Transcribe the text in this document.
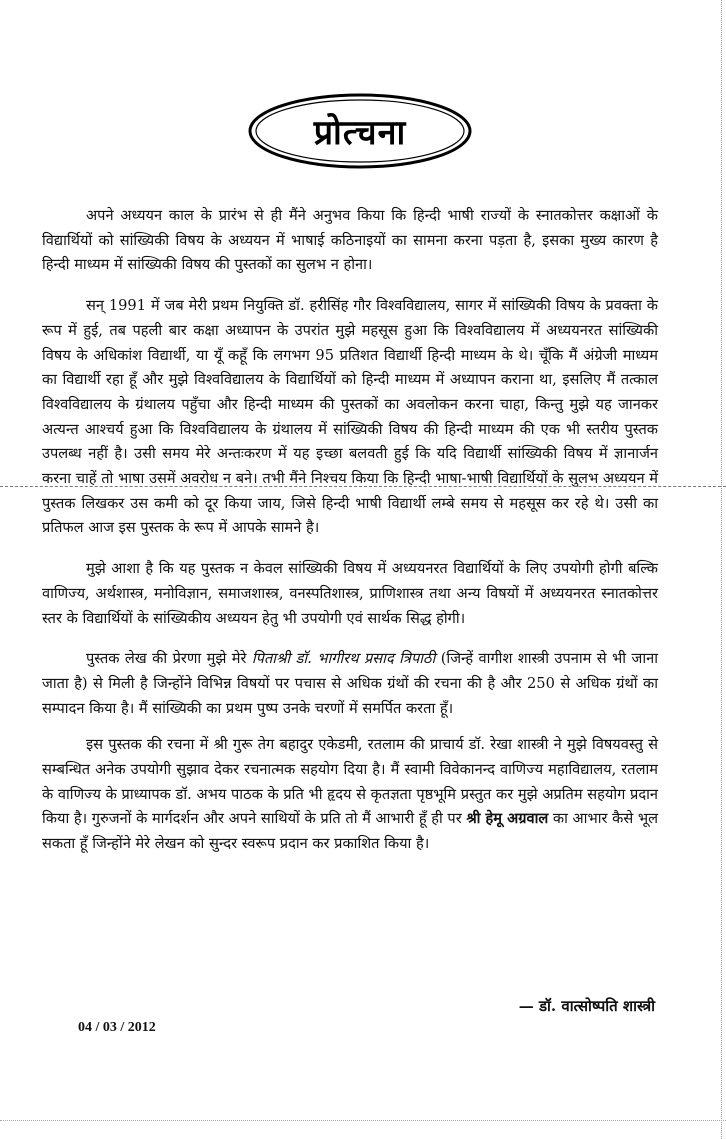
प्रोत्चना

अपने अध्ययन काल के प्रारंभ से ही मैंने अनुभव किया कि हिन्दी भाषी राज्यों के स्नातकोत्तर कक्षाओं के विद्यार्थियों को सांख्यिकी विषय के अध्ययन में भाषाई कठिनाइयों का सामना करना पड़ता है, इसका मुख्य कारण है हिन्दी माध्यम में सांख्यिकी विषय की पुस्तकों का सुलभ न होना।

सन् 1991 में जब मेरी प्रथम नियुक्ति डॉ. हरीसिंह गौर विश्वविद्यालय, सागर में सांख्यिकी विषय के प्रवक्ता के रूप में हुई, तब पहली बार कक्षा अध्यापन के उपरांत मुझे महसूस हुआ कि विश्वविद्यालय में अध्ययनरत सांख्यिकी विषय के अधिकांश विद्यार्थी, या यूँ कहूँ कि लगभग 95 प्रतिशत विद्यार्थी हिन्दी माध्यम के थे। चूँकि मैं अंग्रेजी माध्यम का विद्यार्थी रहा हूँ और मुझे विश्वविद्यालय के विद्यार्थियों को हिन्दी माध्यम में अध्यापन कराना था, इसलिए मैं तत्काल विश्वविद्यालय के ग्रंथालय पहुँचा और हिन्दी माध्यम की पुस्तकों का अवलोकन करना चाहा, किन्तु मुझे यह जानकर अत्यन्त आश्चर्य हुआ कि विश्वविद्यालय के ग्रंथालय में सांख्यिकी विषय की हिन्दी माध्यम की एक भी स्तरीय पुस्तक उपलब्ध नहीं है। उसी समय मेरे अन्तःकरण में यह इच्छा बलवती हुई कि यदि विद्यार्थी सांख्यिकी विषय में ज्ञानार्जन करना चाहें तो भाषा उसमें अवरोध न बने। तभी मैंने निश्चय किया कि हिन्दी भाषा-भाषी विद्यार्थियों के सुलभ अध्ययन में पुस्तक लिखकर उस कमी को दूर किया जाय, जिसे हिन्दी भाषी विद्यार्थी लम्बे समय से महसूस कर रहे थे। उसी का प्रतिफल आज इस पुस्तक के रूप में आपके सामने है।

मुझे आशा है कि यह पुस्तक न केवल सांख्यिकी विषय में अध्ययनरत विद्यार्थियों के लिए उपयोगी होगी बल्कि वाणिज्य, अर्थशास्त्र, मनोविज्ञान, समाजशास्त्र, वनस्पतिशास्त्र, प्राणिशास्त्र तथा अन्य विषयों में अध्ययनरत स्नातकोत्तर स्तर के विद्यार्थियों के सांख्यिकीय अध्ययन हेतु भी उपयोगी एवं सार्थक सिद्ध होगी।

पुस्तक लेख की प्रेरणा मुझे मेरे पिताश्री डॉ. भागीरथ प्रसाद त्रिपाठी (जिन्हें वागीश शास्त्री उपनाम से भी जाना जाता है) से मिली है जिन्होंने विभिन्न विषयों पर पचास से अधिक ग्रंथों की रचना की है और 250 से अधिक ग्रंथों का सम्पादन किया है। मैं सांख्यिकी का प्रथम पुष्प उनके चरणों में समर्पित करता हूँ।

इस पुस्तक की रचना में श्री गुरू तेग बहादुर एकेडमी, रतलाम की प्राचार्य डॉ. रेखा शास्त्री ने मुझे विषयवस्तु से सम्बन्धित अनेक उपयोगी सुझाव देकर रचनात्मक सहयोग दिया है। मैं स्वामी विवेकानन्द वाणिज्य महाविद्यालय, रतलाम के वाणिज्य के प्राध्यापक डॉ. अभय पाठक के प्रति भी हृदय से कृतज्ञता पृष्ठभूमि प्रस्तुत कर मुझे अप्रतिम सहयोग प्रदान किया है। गुरुजनों के मार्गदर्शन और अपने साथियों के प्रति तो मैं आभारी हूँ ही पर श्री हेमू अग्रवाल का आभार कैसे भूल सकता हूँ जिन्होंने मेरे लेखन को सुन्दर स्वरूप प्रदान कर प्रकाशित किया है।

— डॉ. वात्सोष्पति शास्त्री
04 / 03 / 2012
